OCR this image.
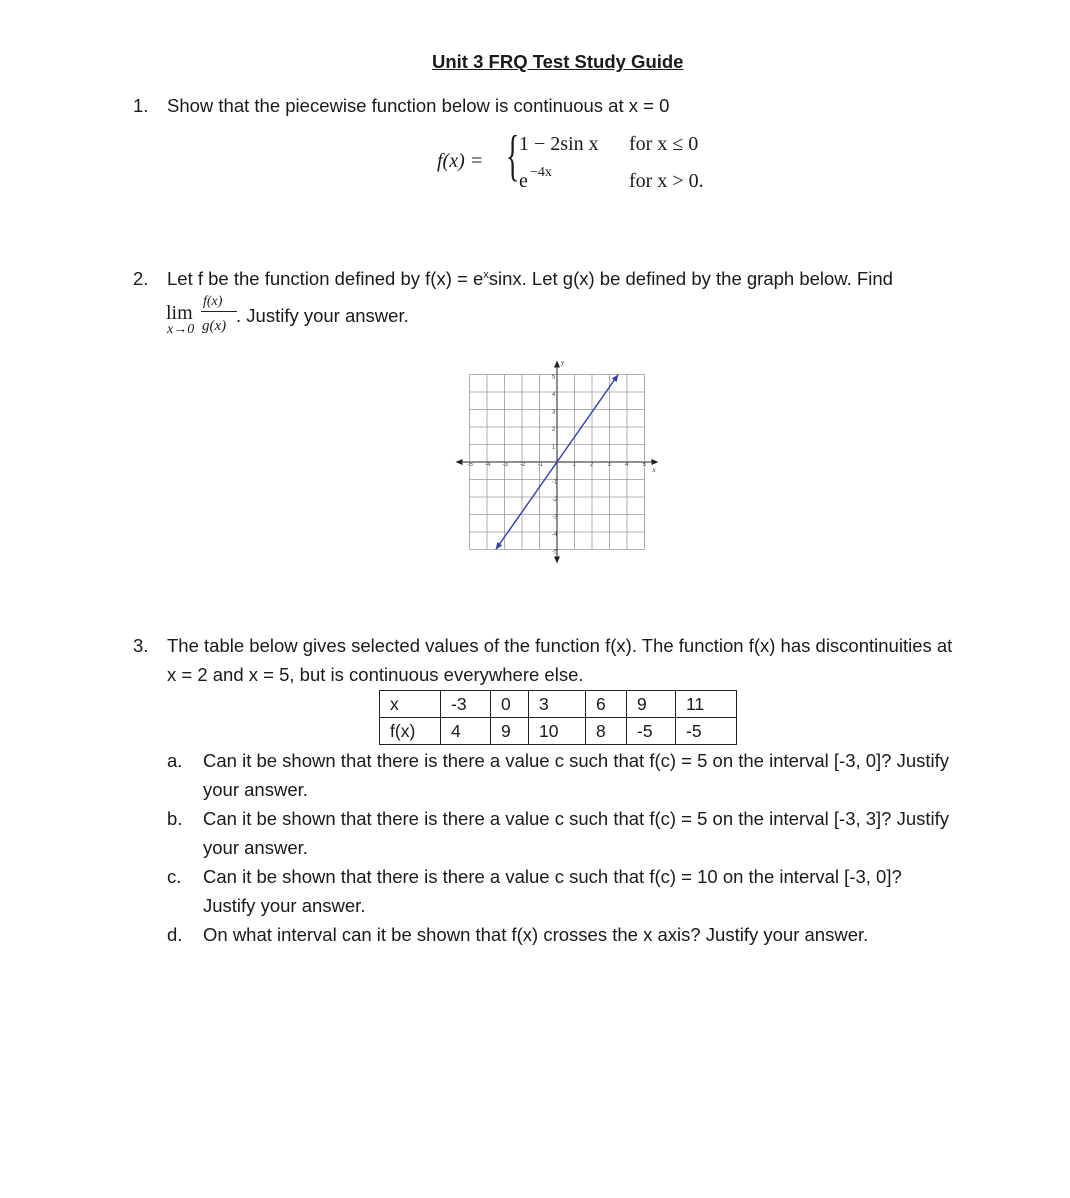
Unit 3 FRQ Test Study Guide
1. Show that the piecewise function below is continuous at x = 0
f(x) = { 1 − 2sin x for x ≤ 0
e −4x	for x > 0.
2. Let f be the function defined by $f(x) = e^x\sin x$. Let g(x) be defined by the graph below. Find
lim
x→0
f(x)
g(x) . Justify your answer.
-5 -4 -3 -2 -1	1 2 3 4 5
5
4
3
2
1
-1
-2
-3
-4
-5
y
x
3. The table below gives selected values of the function f(x). The function f(x) has discontinuities at
x = 2 and x = 5, but is continuous everywhere else.
x	-3	0	3	6	9	11
f(x)	4	9	10	8	-5	-5
a. Can it be shown that there is there a value c such that f(c) = 5 on the interval [-3, 0]? Justify
your answer.
b. Can it be shown that there is there a value c such that f(c) = 5 on the interval [-3, 3]? Justify
your answer.
c. Can it be shown that there is there a value c such that f(c) = 10 on the interval [-3, 0]?
Justify your answer.
d. On what interval can it be shown that f(x) crosses the x axis? Justify your answer.
